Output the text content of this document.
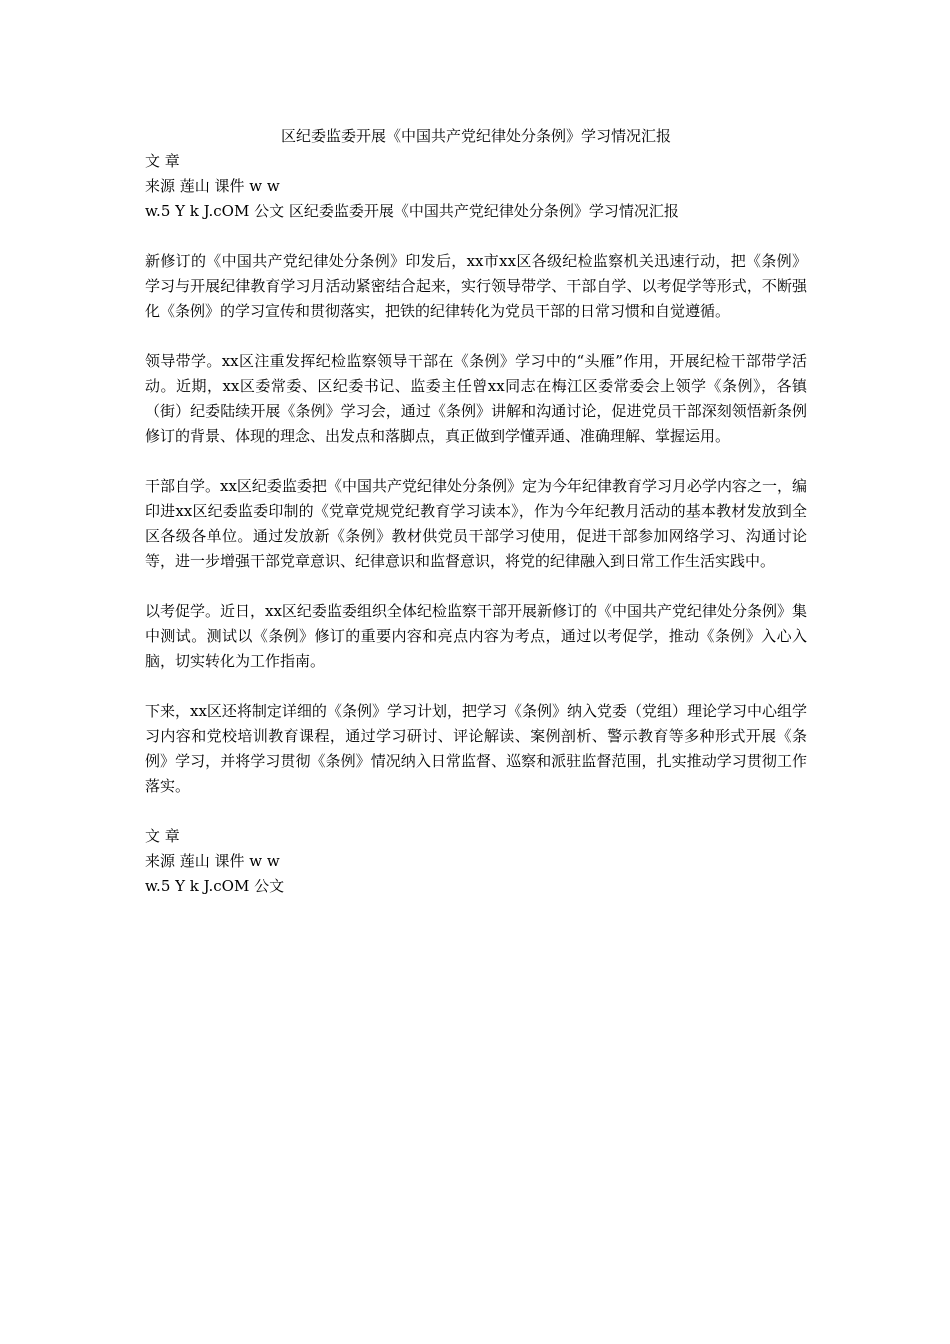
区纪委监委开展《中国共产党纪律处分条例》学习情况汇报

文 章

来源 莲山 课件 w w

w.5 Y k J.cOM 公文 区纪委监委开展《中国共产党纪律处分条例》学习情况汇报

新修订的《中国共产党纪律处分条例》印发后，xx市xx区各级纪检监察机关迅速行动，把《条例》学习与开展纪律教育学习月活动紧密结合起来，实行领导带学、干部自学、以考促学等形式，不断强化《条例》的学习宣传和贯彻落实，把铁的纪律转化为党员干部的日常习惯和自觉遵循。

领导带学。xx区注重发挥纪检监察领导干部在《条例》学习中的“头雁”作用，开展纪检干部带学活动。近期，xx区委常委、区纪委书记、监委主任曾xx同志在梅江区委常委会上领学《条例》，各镇（街）纪委陆续开展《条例》学习会，通过《条例》讲解和沟通讨论，促进党员干部深刻领悟新条例修订的背景、体现的理念、出发点和落脚点，真正做到学懂弄通、准确理解、掌握运用。

干部自学。xx区纪委监委把《中国共产党纪律处分条例》定为今年纪律教育学习月必学内容之一，编印进xx区纪委监委印制的《党章党规党纪教育学习读本》，作为今年纪教月活动的基本教材发放到全区各级各单位。通过发放新《条例》教材供党员干部学习使用，促进干部参加网络学习、沟通讨论等，进一步增强干部党章意识、纪律意识和监督意识，将党的纪律融入到日常工作生活实践中。

以考促学。近日，xx区纪委监委组织全体纪检监察干部开展新修订的《中国共产党纪律处分条例》集中测试。测试以《条例》修订的重要内容和亮点内容为考点，通过以考促学，推动《条例》入心入脑，切实转化为工作指南。

下来，xx区还将制定详细的《条例》学习计划，把学习《条例》纳入党委（党组）理论学习中心组学习内容和党校培训教育课程，通过学习研讨、评论解读、案例剖析、警示教育等多种形式开展《条例》学习，并将学习贯彻《条例》情况纳入日常监督、巡察和派驻监督范围，扎实推动学习贯彻工作落实。

文 章

来源 莲山 课件 w w

w.5 Y k J.cOM 公文
